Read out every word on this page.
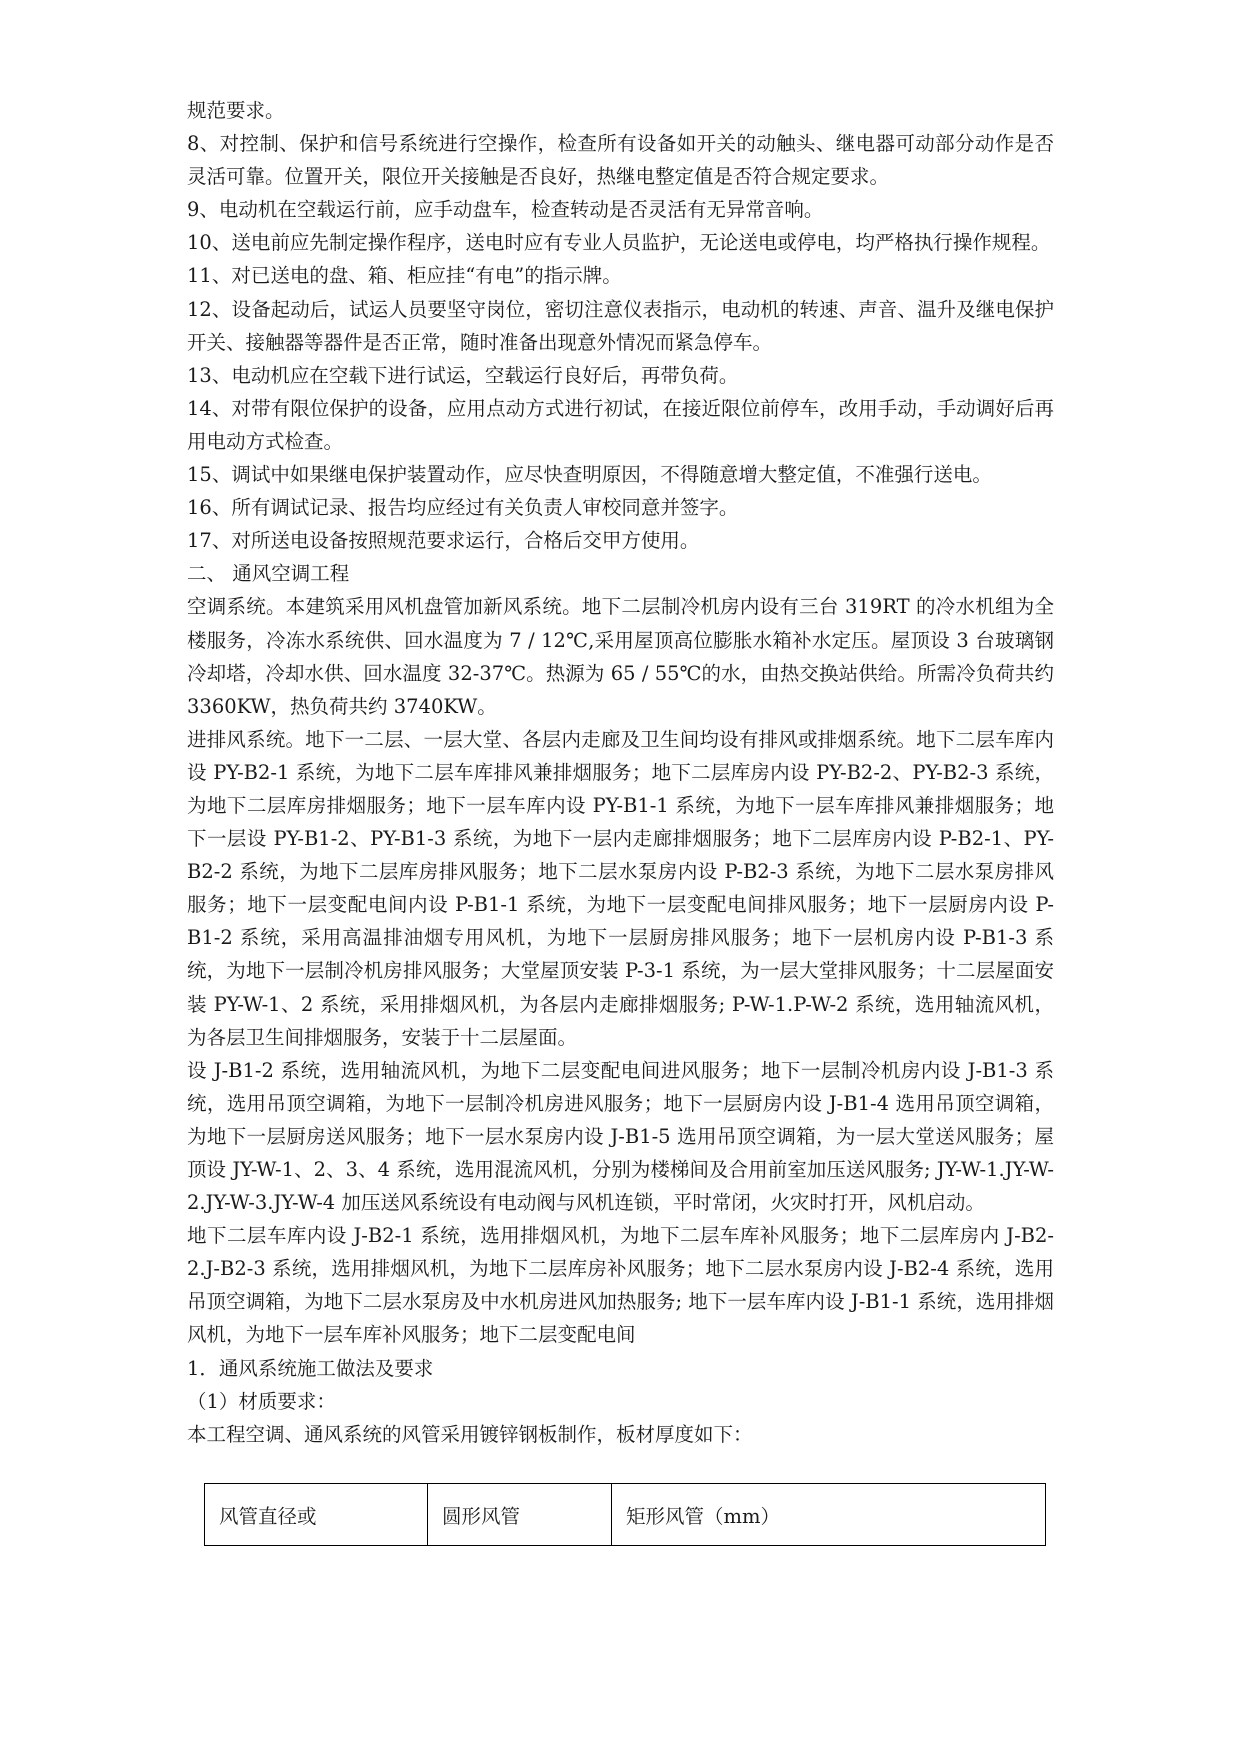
规范要求。

8、对控制、保护和信号系统进行空操作，检查所有设备如开关的动触头、继电器可动部分动作是否灵活可靠。位置开关，限位开关接触是否良好，热继电整定值是否符合规定要求。

9、电动机在空载运行前，应手动盘车，检查转动是否灵活有无异常音响。

10、送电前应先制定操作程序，送电时应有专业人员监护，无论送电或停电，均严格执行操作规程。

11、对已送电的盘、箱、柜应挂“有电”的指示牌。

12、设备起动后，试运人员要坚守岗位，密切注意仪表指示，电动机的转速、声音、温升及继电保护开关、接触器等器件是否正常，随时准备出现意外情况而紧急停车。

13、电动机应在空载下进行试运，空载运行良好后，再带负荷。

14、对带有限位保护的设备，应用点动方式进行初试，在接近限位前停车，改用手动，手动调好后再用电动方式检查。

15、调试中如果继电保护装置动作，应尽快查明原因，不得随意增大整定值，不准强行送电。

16、所有调试记录、报告均应经过有关负责人审校同意并签字。

17、对所送电设备按照规范要求运行，合格后交甲方使用。

二、 通风空调工程

空调系统。本建筑采用风机盘管加新风系统。地下二层制冷机房内设有三台 319RT 的冷水机组为全楼服务，冷冻水系统供、回水温度为 7 / 12℃,采用屋顶高位膨胀水箱补水定压。屋顶设 3 台玻璃钢冷却塔，冷却水供、回水温度 32-37℃。热源为 65 / 55℃的水，由热交换站供给。所需冷负荷共约 3360KW，热负荷共约 3740KW。

进排风系统。地下一二层、一层大堂、各层内走廊及卫生间均设有排风或排烟系统。地下二层车库内设 PY-B2-1 系统，为地下二层车库排风兼排烟服务；地下二层库房内设 PY-B2-2、PY-B2-3 系统，为地下二层库房排烟服务；地下一层车库内设 PY-B1-1 系统，为地下一层车库排风兼排烟服务；地下一层设 PY-B1-2、PY-B1-3 系统，为地下一层内走廊排烟服务；地下二层库房内设 P-B2-1、PY-B2-2 系统，为地下二层库房排风服务；地下二层水泵房内设 P-B2-3 系统，为地下二层水泵房排风服务；地下一层变配电间内设 P-B1-1 系统，为地下一层变配电间排风服务；地下一层厨房内设 P-B1-2 系统，采用高温排油烟专用风机，为地下一层厨房排风服务；地下一层机房内设 P-B1-3 系统，为地下一层制冷机房排风服务；大堂屋顶安装 P-3-1 系统，为一层大堂排风服务；十二层屋面安装 PY-W-1、2 系统，采用排烟风机，为各层内走廊排烟服务; P-W-1.P-W-2 系统，选用轴流风机，为各层卫生间排烟服务，安装于十二层屋面。

设 J-B1-2 系统，选用轴流风机，为地下二层变配电间进风服务；地下一层制冷机房内设 J-B1-3 系统，选用吊顶空调箱，为地下一层制冷机房进风服务；地下一层厨房内设 J-B1-4 选用吊顶空调箱，为地下一层厨房送风服务；地下一层水泵房内设 J-B1-5 选用吊顶空调箱，为一层大堂送风服务；屋顶设 JY-W-1、2、3、4 系统，选用混流风机，分别为楼梯间及合用前室加压送风服务; JY-W-1.JY-W-2.JY-W-3.JY-W-4 加压送风系统设有电动阀与风机连锁，平时常闭，火灾时打开，风机启动。

地下二层车库内设 J-B2-1 系统，选用排烟风机，为地下二层车库补风服务；地下二层库房内 J-B2-2.J-B2-3 系统，选用排烟风机，为地下二层库房补风服务；地下二层水泵房内设 J-B2-4 系统，选用吊顶空调箱，为地下二层水泵房及中水机房进风加热服务; 地下一层车库内设 J-B1-1 系统，选用排烟风机，为地下一层车库补风服务；地下二层变配电间

1．通风系统施工做法及要求

（1）材质要求：

本工程空调、通风系统的风管采用镀锌钢板制作，板材厚度如下：

风管直径或	圆形风管	矩形风管（mm）
